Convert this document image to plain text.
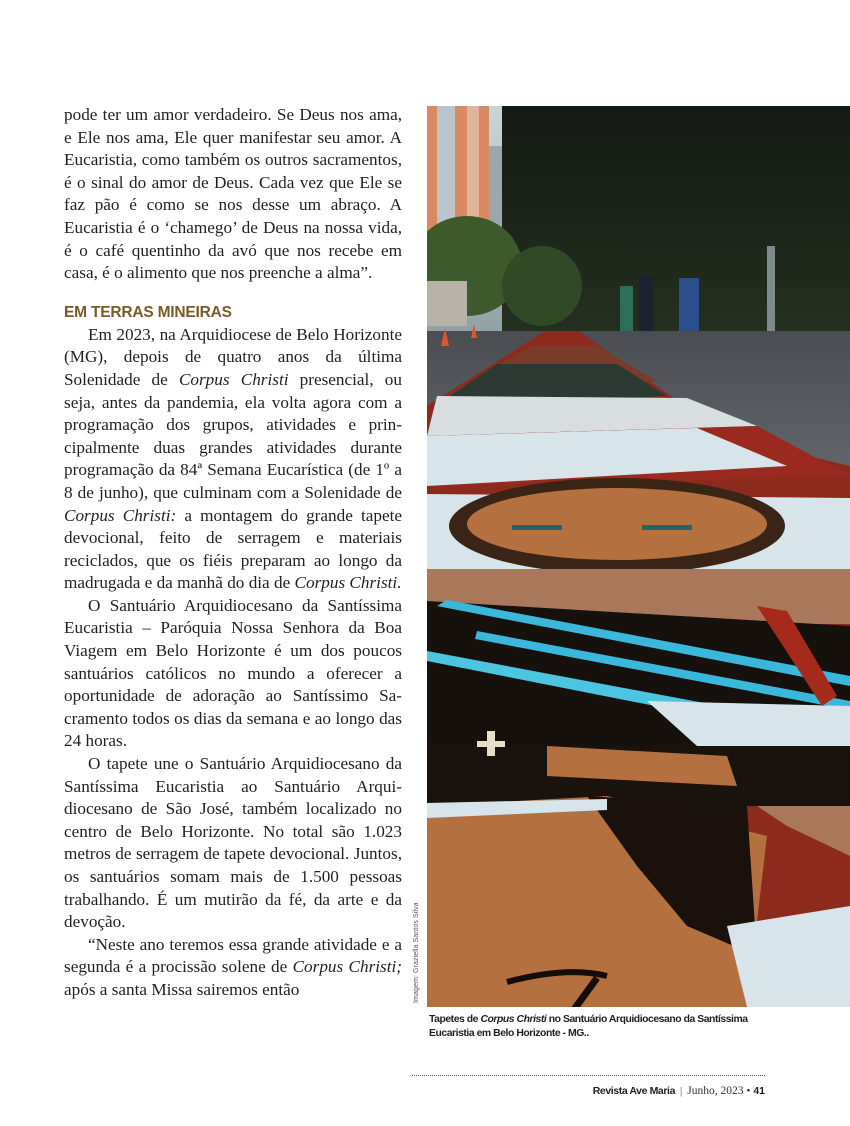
pode ter um amor verdadeiro. Se Deus nos ama, e Ele nos ama, Ele quer manifestar seu amor. A Eucaristia, como também os outros sacramentos, é o sinal do amor de Deus. Cada vez que Ele se faz pão é como se nos desse um abraço. A Eucaristia é o ‘chamego’ de Deus na nossa vida, é o café quentinho da avó que nos recebe em casa, é o alimento que nos preenche a alma”.

EM TERRAS MINEIRAS

Em 2023, na Arquidiocese de Belo Horizonte (MG), depois de quatro anos da última Solenidade de Corpus Christi presencial, ou seja, antes da pandemia, ela volta agora com a programação dos grupos, atividades e principalmente duas grandes atividades durante programação da 84ª Semana Eucarística (de 1º a 8 de junho), que culminam com a Solenidade de Corpus Christi: a montagem do grande tapete devocional, feito de serragem e materiais reciclados, que os fiéis preparam ao longo da madrugada e da manhã do dia de Corpus Christi.

O Santuário Arquidiocesano da Santíssima Eucaristia – Paróquia Nossa Senhora da Boa Viagem em Belo Horizonte é um dos poucos santuários católicos no mundo a oferecer a oportunidade de adoração ao Santíssimo Sacramento todos os dias da semana e ao longo das 24 horas.

O tapete une o Santuário Arquidiocesano da Santíssima Eucaristia ao Santuário Arquidiocesano de São José, também localizado no centro de Belo Horizonte. No total são 1.023 metros de serragem de tapete devocional. Juntos, os santuários somam mais de 1.500 pessoas trabalhando. É um mutirão da fé, da arte e da devoção.

“Neste ano teremos essa grande atividade e a segunda é a procissão solene de Corpus Christi; após a santa Missa sairemos então	Imagem: Graziella Santos Silva
Tapetes de Corpus Christi no Santuário Arquidiocesano da Santíssima Eucaristia em Belo Horizonte - MG..
Revista Ave Maria | Junho, 2023 • 41
